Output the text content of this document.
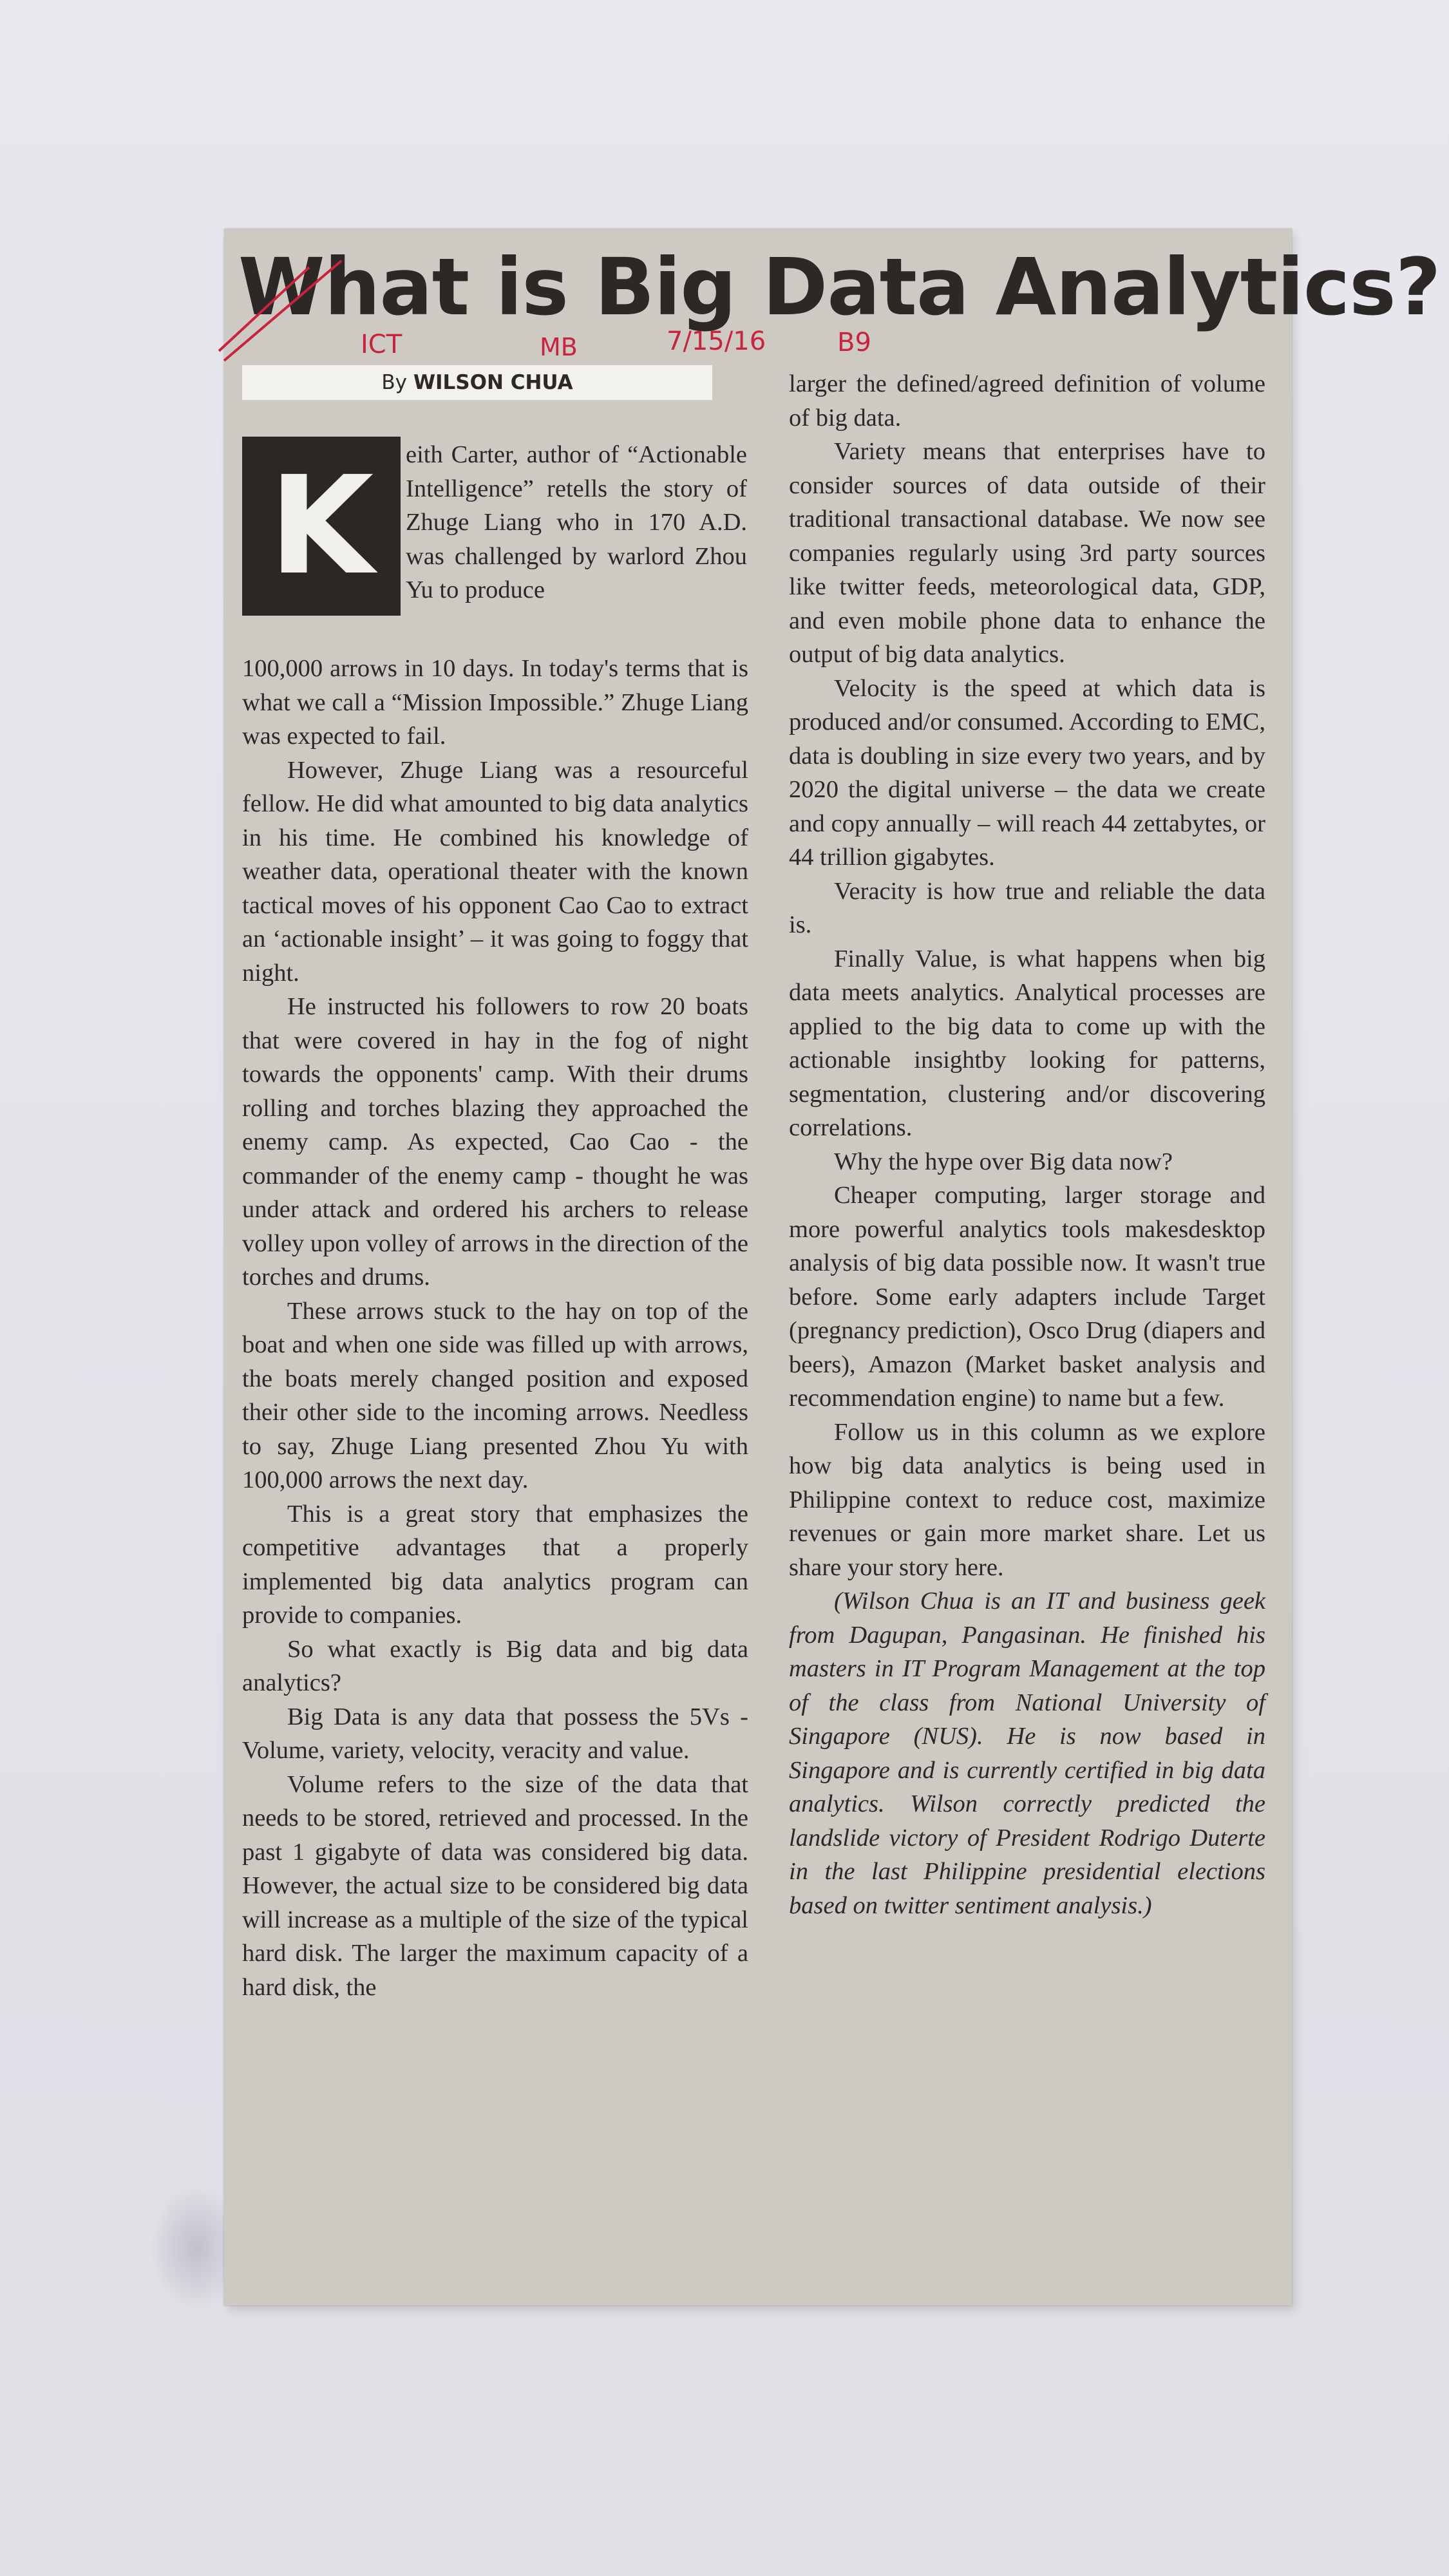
What is Big Data Analytics?
ICT	MB	7/15/16	B9
By WILSON CHUA
K	eith Carter, author of “Actionable Intelligence” retells the story of Zhuge Liang who in 170 A.D. was challenged by warlord Zhou Yu to produce

100,000 arrows in 10 days. In today's terms that is what we call a “Mission Impossible.” Zhuge Liang was expected to fail.

However, Zhuge Liang was a resourceful fellow. He did what amounted to big data analytics in his time. He combined his knowledge of weather data, operational theater with the known tactical moves of his opponent Cao Cao to extract an ‘actionable insight’ – it was going to foggy that night.

He instructed his followers to row 20 boats that were covered in hay in the fog of night towards the opponents' camp. With their drums rolling and torches blazing they approached the enemy camp. As expected, Cao Cao - the commander of the enemy camp - thought he was under attack and ordered his archers to release volley upon volley of arrows in the direction of the torches and drums.

These arrows stuck to the hay on top of the boat and when one side was filled up with arrows, the boats merely changed position and exposed their other side to the incoming arrows. Needless to say, Zhuge Liang presented Zhou Yu with 100,000 arrows the next day.

This is a great story that emphasizes the competitive advantages that a properly implemented big data analytics program can provide to companies.

So what exactly is Big data and big data analytics?

Big Data is any data that possess the 5Vs - Volume, variety, velocity, veracity and value.

Volume refers to the size of the data that needs to be stored, retrieved and processed. In the past 1 gigabyte of data was considered big data. However, the actual size to be considered big data will increase as a multiple of the size of the typical hard disk. The larger the maximum capacity of a hard disk, the

larger the defined/agreed definition of volume of big data.

Variety means that enterprises have to consider sources of data outside of their traditional transactional database. We now see companies regularly using 3rd party sources like twitter feeds, meteorological data, GDP, and even mobile phone data to enhance the output of big data analytics.

Velocity is the speed at which data is produced and/or consumed. According to EMC, data is doubling in size every two years, and by 2020 the digital universe – the data we create and copy annually – will reach 44 zettabytes, or 44 trillion gigabytes.

Veracity is how true and reliable the data is.

Finally Value, is what happens when big data meets analytics. Analytical processes are applied to the big data to come up with the actionable insightby looking for patterns, segmentation, clustering and/or discovering correlations.

Why the hype over Big data now?

Cheaper computing, larger storage and more powerful analytics tools makesdesktop analysis of big data possible now. It wasn't true before. Some early adapters include Target (pregnancy prediction), Osco Drug (diapers and beers), Amazon (Market basket analysis and recommendation engine) to name but a few.

Follow us in this column as we explore how big data analytics is being used in Philippine context to reduce cost, maximize revenues or gain more market share. Let us share your story here.

(Wilson Chua is an IT and business geek from Dagupan, Pangasinan. He finished his masters in IT Program Management at the top of the class from National University of Singapore (NUS). He is now based in Singapore and is currently certified in big data analytics. Wilson correctly predicted the landslide victory of President Rodrigo Duterte in the last Philippine presidential elections based on twitter sentiment analysis.)
